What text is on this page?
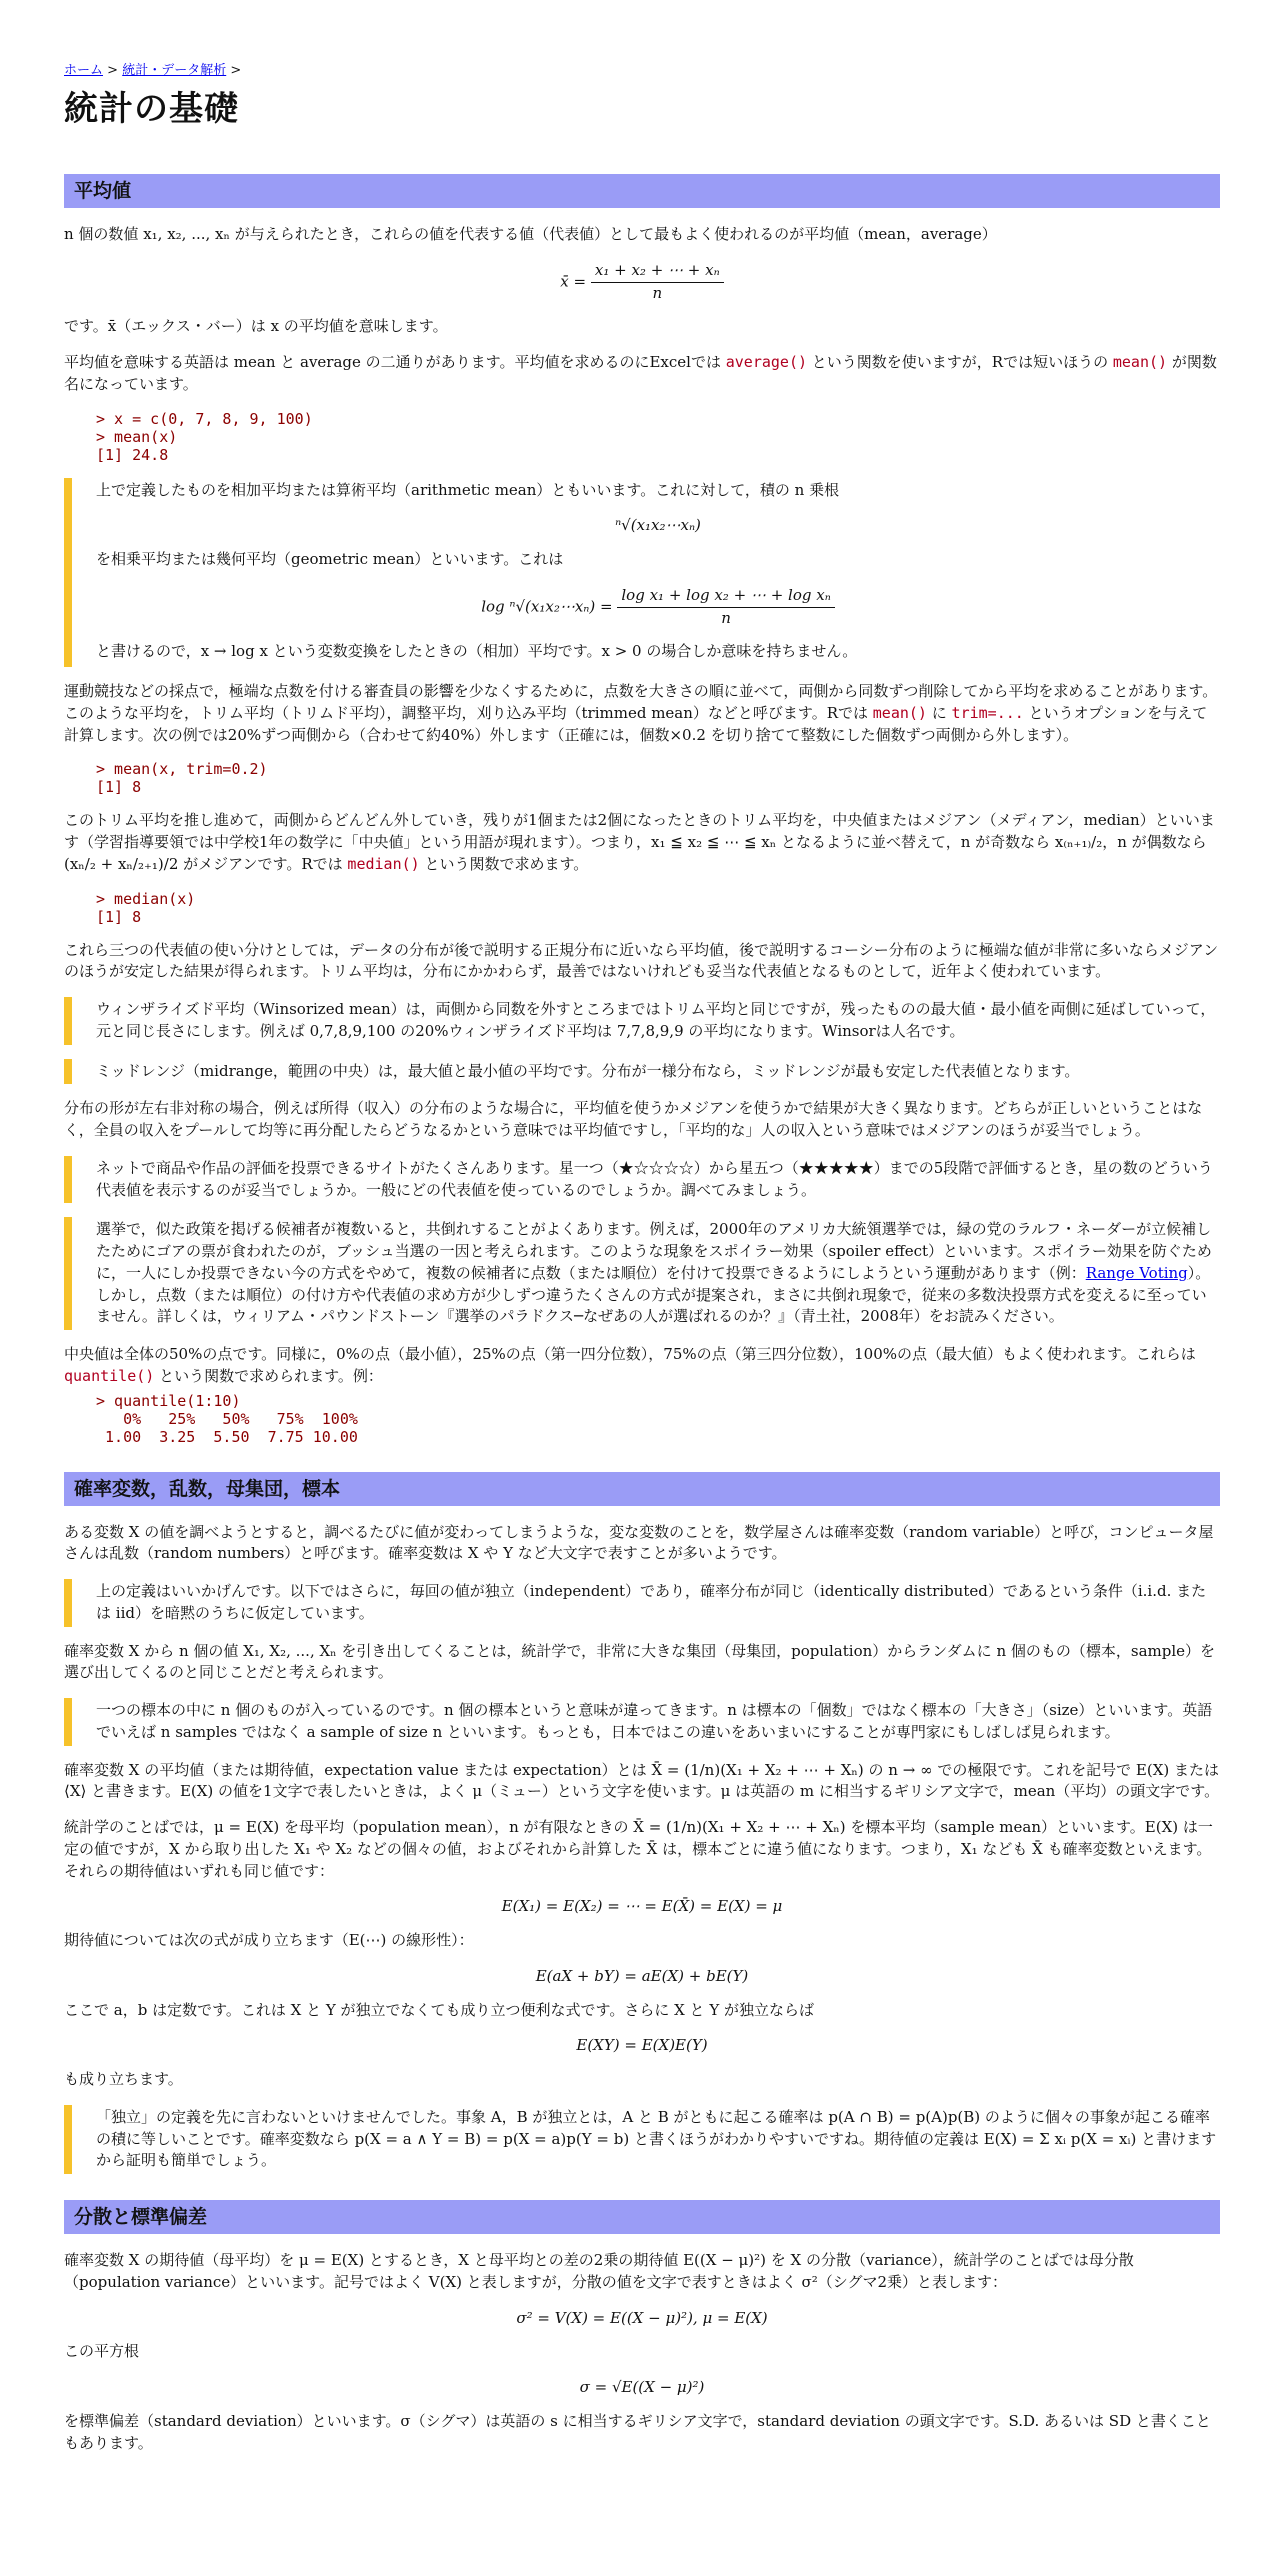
ホーム > 統計・データ解析 >
統計の基礎
平均値

n 個の数値 x₁, x₂, ..., xₙ が与えられたとき，これらの値を代表する値（代表値）として最もよく使われるのが平均値（mean，average）

x̄ = $\frac{\text{x₁ + x₂ + ⋯ + xₙ}}{n}$

です。x̄（エックス・バー）は x の平均値を意味します。

平均値を意味する英語は mean と average の二通りがあります。平均値を求めるのにExcelでは average() という関数を使いますが，Rでは短いほうの mean() が関数名になっています。

> x = c(0, 7, 8, 9, 100)
> mean(x)
[1] 24.8

上で定義したものを相加平均または算術平均（arithmetic mean）ともいいます。これに対して，積の n 乗根

ⁿ√(x₁x₂⋯xₙ)

を相乗平均または幾何平均（geometric mean）といいます。これは

log ⁿ√(x₁x₂⋯xₙ) = $\frac{\text{log x₁ + log x₂ + ⋯ + log xₙ}}{n}$

と書けるので，x → log x という変数変換をしたときの（相加）平均です。x > 0 の場合しか意味を持ちません。

運動競技などの採点で，極端な点数を付ける審査員の影響を少なくするために，点数を大きさの順に並べて，両側から同数ずつ削除してから平均を求めることがあります。このような平均を，トリム平均（トリムド平均），調整平均，刈り込み平均（trimmed mean）などと呼びます。Rでは mean() に trim=... というオプションを与えて計算します。次の例では20%ずつ両側から（合わせて約40%）外します（正確には，個数×0.2 を切り捨てて整数にした個数ずつ両側から外します）。

> mean(x, trim=0.2)
[1] 8

このトリム平均を推し進めて，両側からどんどん外していき，残りが1個または2個になったときのトリム平均を，中央値またはメジアン（メディアン，median）といいます（学習指導要領では中学校1年の数学に「中央値」という用語が現れます）。つまり，x₁ ≦ x₂ ≦ ⋯ ≦ xₙ となるように並べ替えて，n が奇数なら x₍ₙ₊₁₎/₂，n が偶数なら (xₙ/₂ + xₙ/₂₊₁)/2 がメジアンです。Rでは median() という関数で求めます。

> median(x)
[1] 8

これら三つの代表値の使い分けとしては，データの分布が後で説明する正規分布に近いなら平均値，後で説明するコーシー分布のように極端な値が非常に多いならメジアンのほうが安定した結果が得られます。トリム平均は，分布にかかわらず，最善ではないけれども妥当な代表値となるものとして，近年よく使われています。

ウィンザライズド平均（Winsorized mean）は，両側から同数を外すところまではトリム平均と同じですが，残ったものの最大値・最小値を両側に延ばしていって，元と同じ長さにします。例えば 0,7,8,9,100 の20%ウィンザライズド平均は 7,7,8,9,9 の平均になります。Winsorは人名です。
ミッドレンジ（midrange，範囲の中央）は，最大値と最小値の平均です。分布が一様分布なら，ミッドレンジが最も安定した代表値となります。

分布の形が左右非対称の場合，例えば所得（収入）の分布のような場合に，平均値を使うかメジアンを使うかで結果が大きく異なります。どちらが正しいということはなく，全員の収入をプールして均等に再分配したらどうなるかという意味では平均値ですし，「平均的な」人の収入という意味ではメジアンのほうが妥当でしょう。

ネットで商品や作品の評価を投票できるサイトがたくさんあります。星一つ（★☆☆☆☆）から星五つ（★★★★★）までの5段階で評価するとき，星の数のどういう代表値を表示するのが妥当でしょうか。一般にどの代表値を使っているのでしょうか。調べてみましょう。
選挙で，似た政策を掲げる候補者が複数いると，共倒れすることがよくあります。例えば，2000年のアメリカ大統領選挙では，緑の党のラルフ・ネーダーが立候補したためにゴアの票が食われたのが，ブッシュ当選の一因と考えられます。このような現象をスポイラー効果（spoiler effect）といいます。スポイラー効果を防ぐために，一人にしか投票できない今の方式をやめて，複数の候補者に点数（または順位）を付けて投票できるようにしようという運動があります（例：Range Voting）。しかし，点数（または順位）の付け方や代表値の求め方が少しずつ違うたくさんの方式が提案され，まさに共倒れ現象で，従来の多数決投票方式を変えるに至っていません。詳しくは，ウィリアム・パウンドストーン『選挙のパラドクス─なぜあの人が選ばれるのか？』（青土社，2008年）をお読みください。

中央値は全体の50%の点です。同様に，0%の点（最小値），25%の点（第一四分位数），75%の点（第三四分位数），100%の点（最大値）もよく使われます。これらは quantile() という関数で求められます。例：

> quantile(1:10)
0%   25%   50%   75%  100%
1.00  3.25  5.50  7.75 10.00
確率変数，乱数，母集団，標本

ある変数 X の値を調べようとすると，調べるたびに値が変わってしまうような，変な変数のことを，数学屋さんは確率変数（random variable）と呼び，コンピュータ屋さんは乱数（random numbers）と呼びます。確率変数は X や Y など大文字で表すことが多いようです。

上の定義はいいかげんです。以下ではさらに，毎回の値が独立（independent）であり，確率分布が同じ（identically distributed）であるという条件（i.i.d. または iid）を暗黙のうちに仮定しています。

確率変数 X から n 個の値 X₁, X₂, ..., Xₙ を引き出してくることは，統計学で，非常に大きな集団（母集団，population）からランダムに n 個のもの（標本，sample）を選び出してくるのと同じことだと考えられます。

一つの標本の中に n 個のものが入っているのです。n 個の標本というと意味が違ってきます。n は標本の「個数」ではなく標本の「大きさ」（size）といいます。英語でいえば n samples ではなく a sample of size n といいます。もっとも，日本ではこの違いをあいまいにすることが専門家にもしばしば見られます。

確率変数 X の平均値（または期待値，expectation value または expectation）とは X̄ = (1/n)(X₁ + X₂ + ⋯ + Xₙ) の n → ∞ での極限です。これを記号で E(X) または ⟨X⟩ と書きます。E(X) の値を1文字で表したいときは，よく μ（ミュー）という文字を使います。μ は英語の m に相当するギリシア文字で，mean（平均）の頭文字です。

統計学のことばでは，μ = E(X) を母平均（population mean），n が有限なときの X̄ = (1/n)(X₁ + X₂ + ⋯ + Xₙ) を標本平均（sample mean）といいます。E(X) は一定の値ですが，X から取り出した X₁ や X₂ などの個々の値，およびそれから計算した X̄ は，標本ごとに違う値になります。つまり，X₁ なども X̄ も確率変数といえます。それらの期待値はいずれも同じ値です：

E(X₁) = E(X₂) = ⋯ = E(X̄) = E(X) = μ

期待値については次の式が成り立ちます（E(⋯) の線形性）：

E(aX + bY) = aE(X) + bE(Y)

ここで a，b は定数です。これは X と Y が独立でなくても成り立つ便利な式です。さらに X と Y が独立ならば

E(XY) = E(X)E(Y)

も成り立ちます。

「独立」の定義を先に言わないといけませんでした。事象 A，B が独立とは，A と B がともに起こる確率は p(A ∩ B) = p(A)p(B) のように個々の事象が起こる確率の積に等しいことです。確率変数なら p(X = a ∧ Y = B) = p(X = a)p(Y = b) と書くほうがわかりやすいですね。期待値の定義は E(X) = Σ xᵢ p(X = xᵢ) と書けますから証明も簡単でしょう。
分散と標準偏差

確率変数 X の期待値（母平均）を μ = E(X) とするとき，X と母平均との差の2乗の期待値 E((X − μ)²) を X の分散（variance），統計学のことばでは母分散（population variance）といいます。記号ではよく V(X) と表しますが，分散の値を文字で表すときはよく σ²（シグマ2乗）と表します：

σ² = V(X) = E((X − μ)²), μ = E(X)

この平方根

σ = √E((X − μ)²)

を標準偏差（standard deviation）といいます。σ（シグマ）は英語の s に相当するギリシア文字で，standard deviation の頭文字です。S.D. あるいは SD と書くこともあります。
